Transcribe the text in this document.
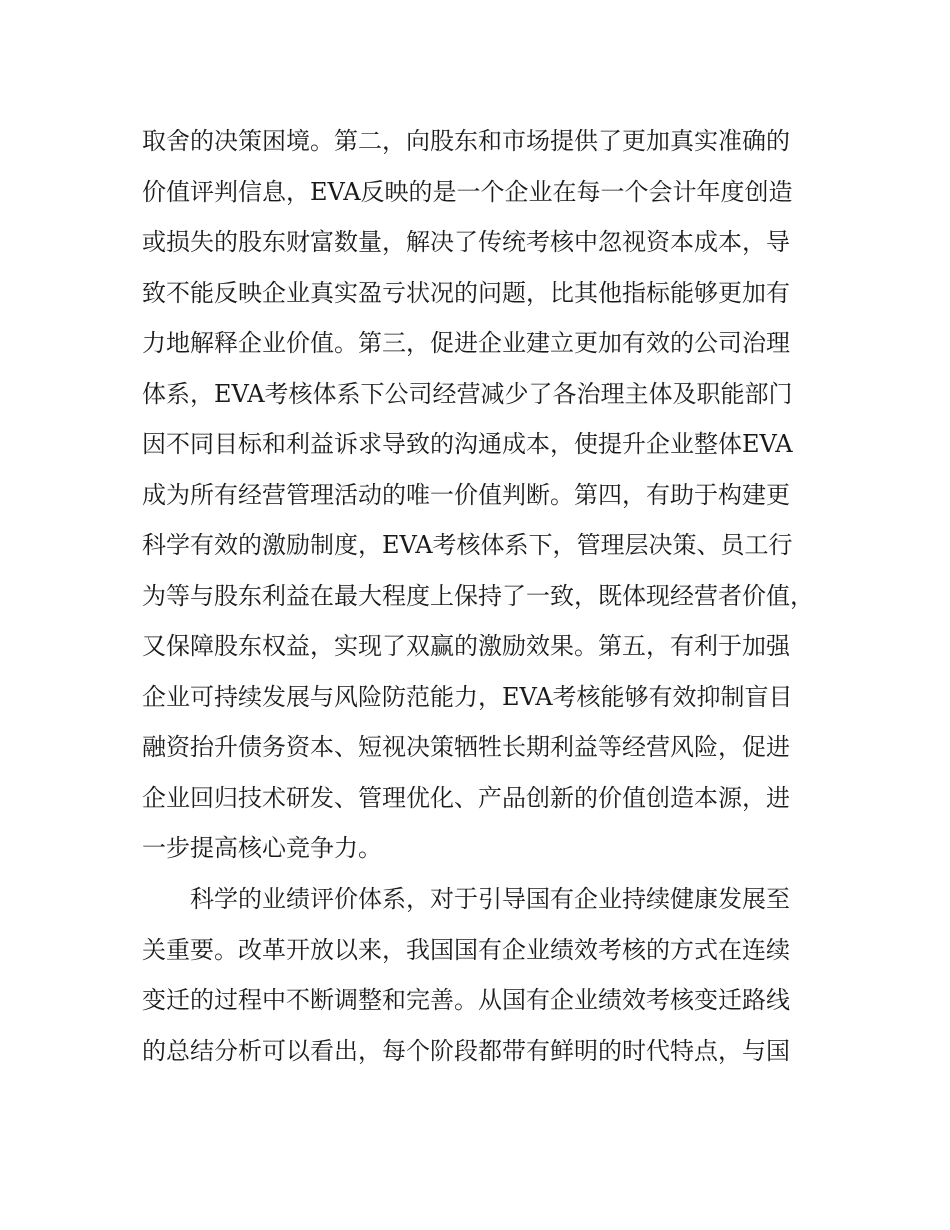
取舍的决策困境。第二，向股东和市场提供了更加真实准确的
价值评判信息，EVA反映的是一个企业在每一个会计年度创造
或损失的股东财富数量，解决了传统考核中忽视资本成本，导
致不能反映企业真实盈亏状况的问题，比其他指标能够更加有
力地解释企业价值。第三，促进企业建立更加有效的公司治理
体系，EVA考核体系下公司经营减少了各治理主体及职能部门
因不同目标和利益诉求导致的沟通成本，使提升企业整体EVA
成为所有经营管理活动的唯一价值判断。第四，有助于构建更
科学有效的激励制度，EVA考核体系下，管理层决策、员工行
为等与股东利益在最大程度上保持了一致，既体现经营者价值，
又保障股东权益，实现了双赢的激励效果。第五，有利于加强
企业可持续发展与风险防范能力，EVA考核能够有效抑制盲目
融资抬升债务资本、短视决策牺牲长期利益等经营风险，促进
企业回归技术研发、管理优化、产品创新的价值创造本源，进
一步提高核心竞争力。
科学的业绩评价体系，对于引导国有企业持续健康发展至
关重要。改革开放以来，我国国有企业绩效考核的方式在连续
变迁的过程中不断调整和完善。从国有企业绩效考核变迁路线
的总结分析可以看出，每个阶段都带有鲜明的时代特点，与国
